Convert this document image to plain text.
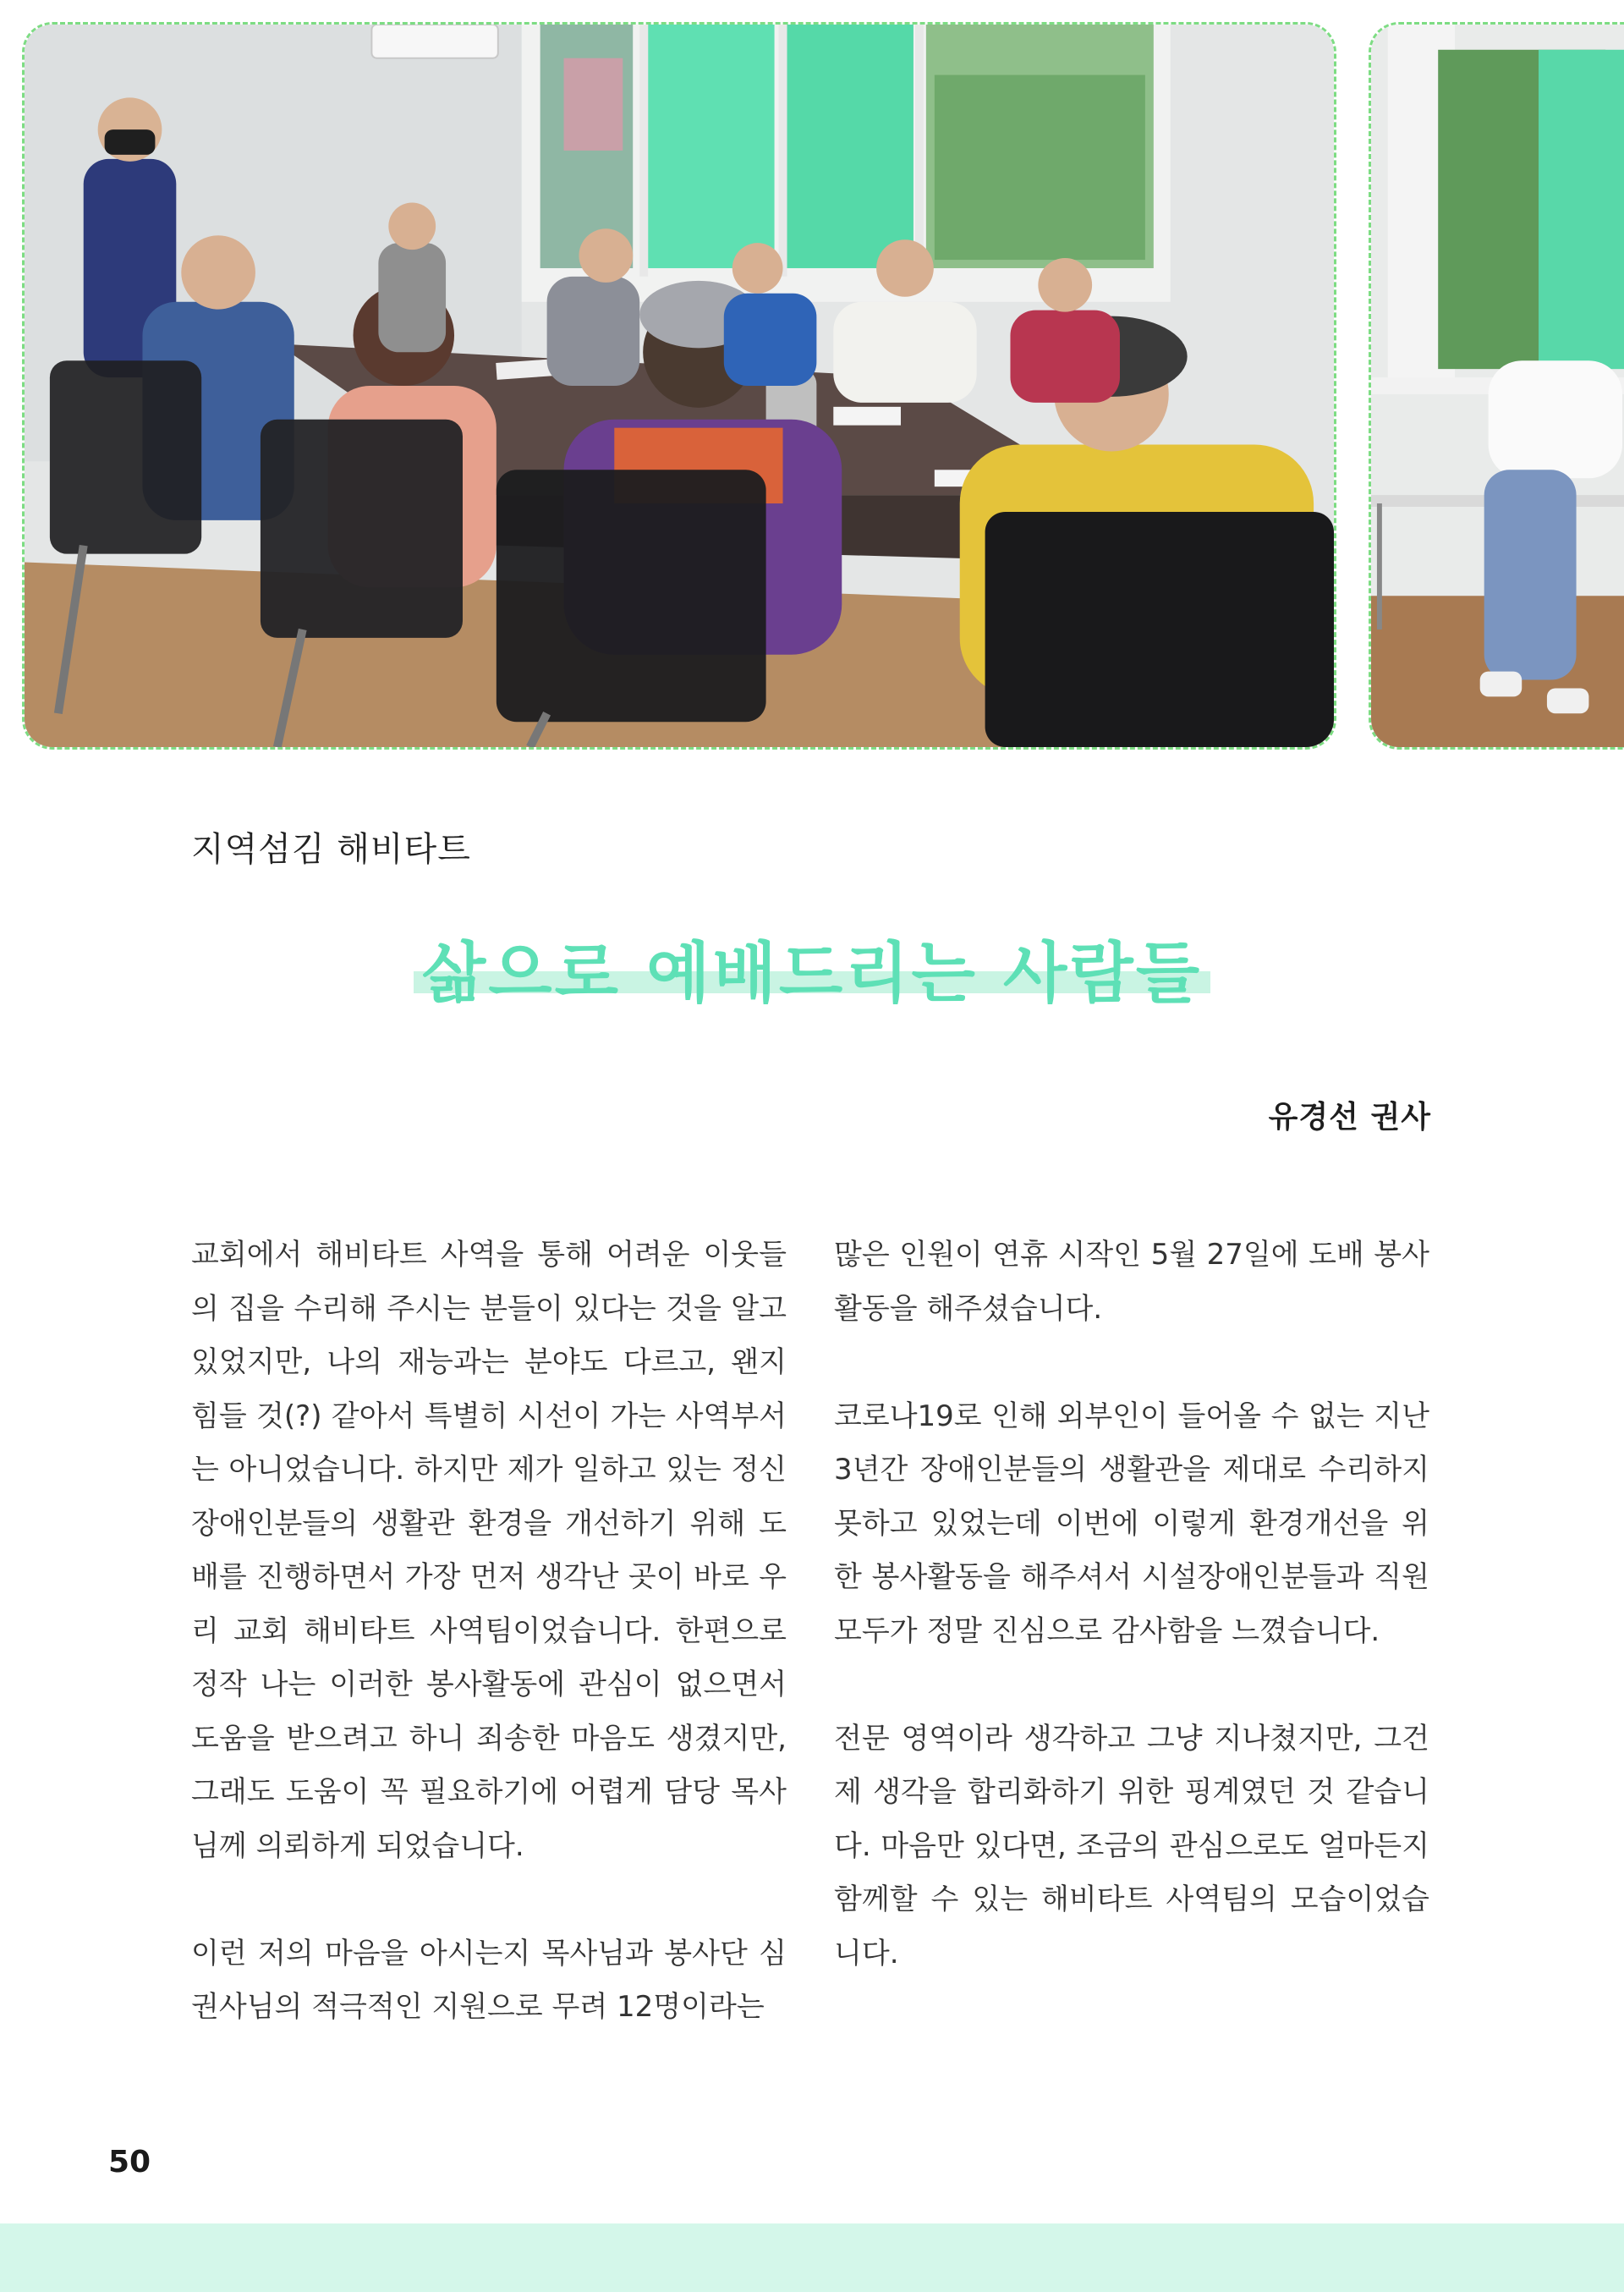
지역섬김 해비타트
삶으로 예배드리는 사람들
유경선 권사

교회에서 해비타트 사역을 통해 어려운 이웃들의 집을 수리해 주시는 분들이 있다는 것을 알고 있었지만, 나의 재능과는 분야도 다르고, 왠지 힘들 것(?) 같아서 특별히 시선이 가는 사역부서는 아니었습니다. 하지만 제가 일하고 있는 정신장애인분들의 생활관 환경을 개선하기 위해 도배를 진행하면서 가장 먼저 생각난 곳이 바로 우리 교회 해비타트 사역팀이었습니다. 한편으로 정작 나는 이러한 봉사활동에 관심이 없으면서 도움을 받으려고 하니 죄송한 마음도 생겼지만, 그래도 도움이 꼭 필요하기에 어렵게 담당 목사님께 의뢰하게 되었습니다.

이런 저의 마음을 아시는지 목사님과 봉사단 심권사님의 적극적인 지원으로 무려 12명이라는

많은 인원이 연휴 시작인 5월 27일에 도배 봉사활동을 해주셨습니다.

코로나19로 인해 외부인이 들어올 수 없는 지난 3년간 장애인분들의 생활관을 제대로 수리하지 못하고 있었는데 이번에 이렇게 환경개선을 위한 봉사활동을 해주셔서 시설장애인분들과 직원 모두가 정말 진심으로 감사함을 느꼈습니다.

전문 영역이라 생각하고 그냥 지나쳤지만, 그건 제 생각을 합리화하기 위한 핑계였던 것 같습니다. 마음만 있다면, 조금의 관심으로도 얼마든지 함께할 수 있는 해비타트 사역팀의 모습이었습니다.

50
